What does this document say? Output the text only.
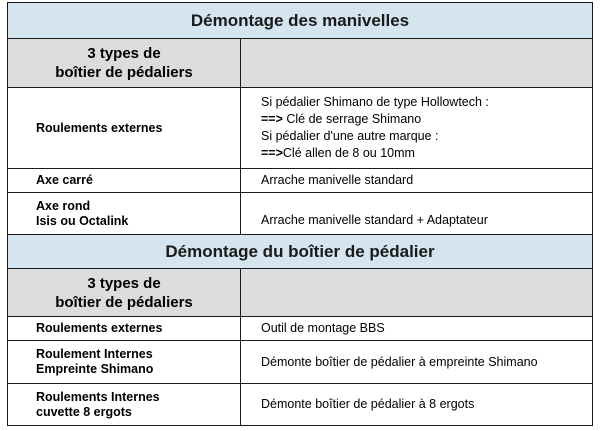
Démontage des manivelles	

3 types de
boîtier de pédaliers	

Roulements externes	Si pédalier Shimano de type Hollowtech :
==> Clé de serrage Shimano
Si pédalier d'une autre marque :
==>Clé allen de 8 ou 10mm

Axe carré	Arrache manivelle standard

Axe rond
Isis ou Octalink	Arrache manivelle standard + Adaptateur
Démontage du boîtier de pédalier	

3 types de
boîtier de pédaliers	

Roulements externes	Outil de montage BBS

Roulement Internes
Empreinte Shimano	Démonte boîtier de pédalier à empreinte Shimano

Roulements Internes
cuvette 8 ergots	Démonte boîtier de pédalier à 8 ergots
